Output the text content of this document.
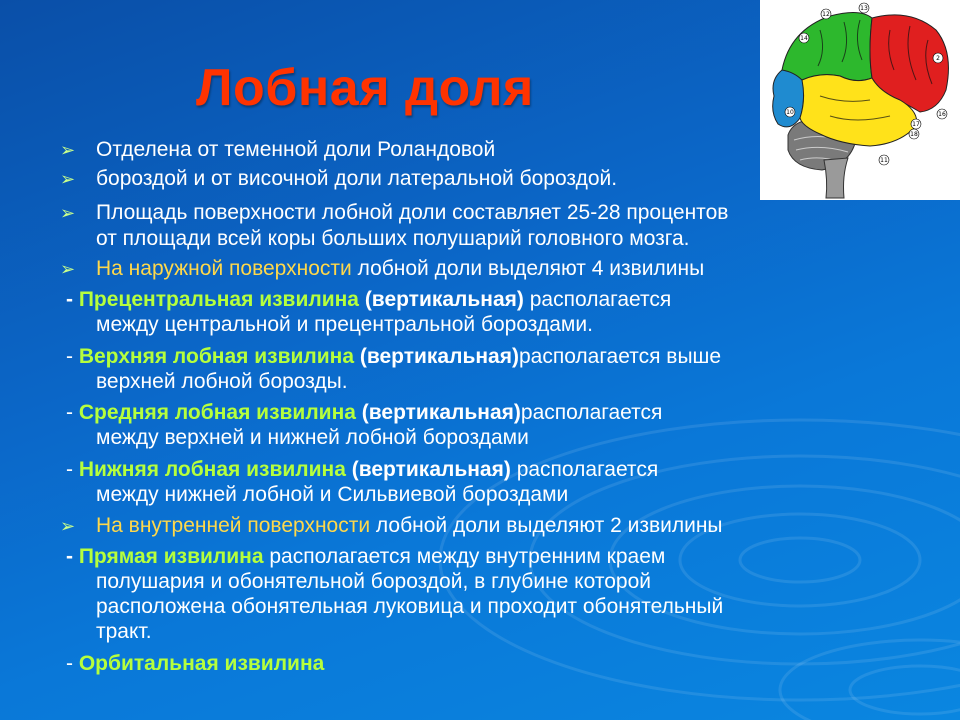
12
13
14
2
16
17
18
11
10
Лобная доля
➢ Отделена от теменной доли Роландовой
➢ бороздой и от височной доли латеральной бороздой.
➢ Площадь поверхности лобной доли составляет 25-28 процентов
от площади всей коры больших полушарий головного мозга.
➢ На наружной поверхности лобной доли выделяют 4 извилины
- Прецентральная извилина (вертикальная) располагается
между центральной и прецентральной бороздами.
- Верхняя лобная извилина (вертикальная)располагается выше
верхней лобной борозды.
- Средняя лобная извилина (вертикальная)располагается
между верхней и нижней лобной бороздами
- Нижняя лобная извилина (вертикальная) располагается
между нижней лобной и Сильвиевой бороздами
➢ На внутренней поверхности лобной доли выделяют 2 извилины
- Прямая извилина располагается между внутренним краем
полушария и обонятельной бороздой, в глубине которой
расположена обонятельная луковица и проходит обонятельный
тракт.
- Орбитальная извилина
